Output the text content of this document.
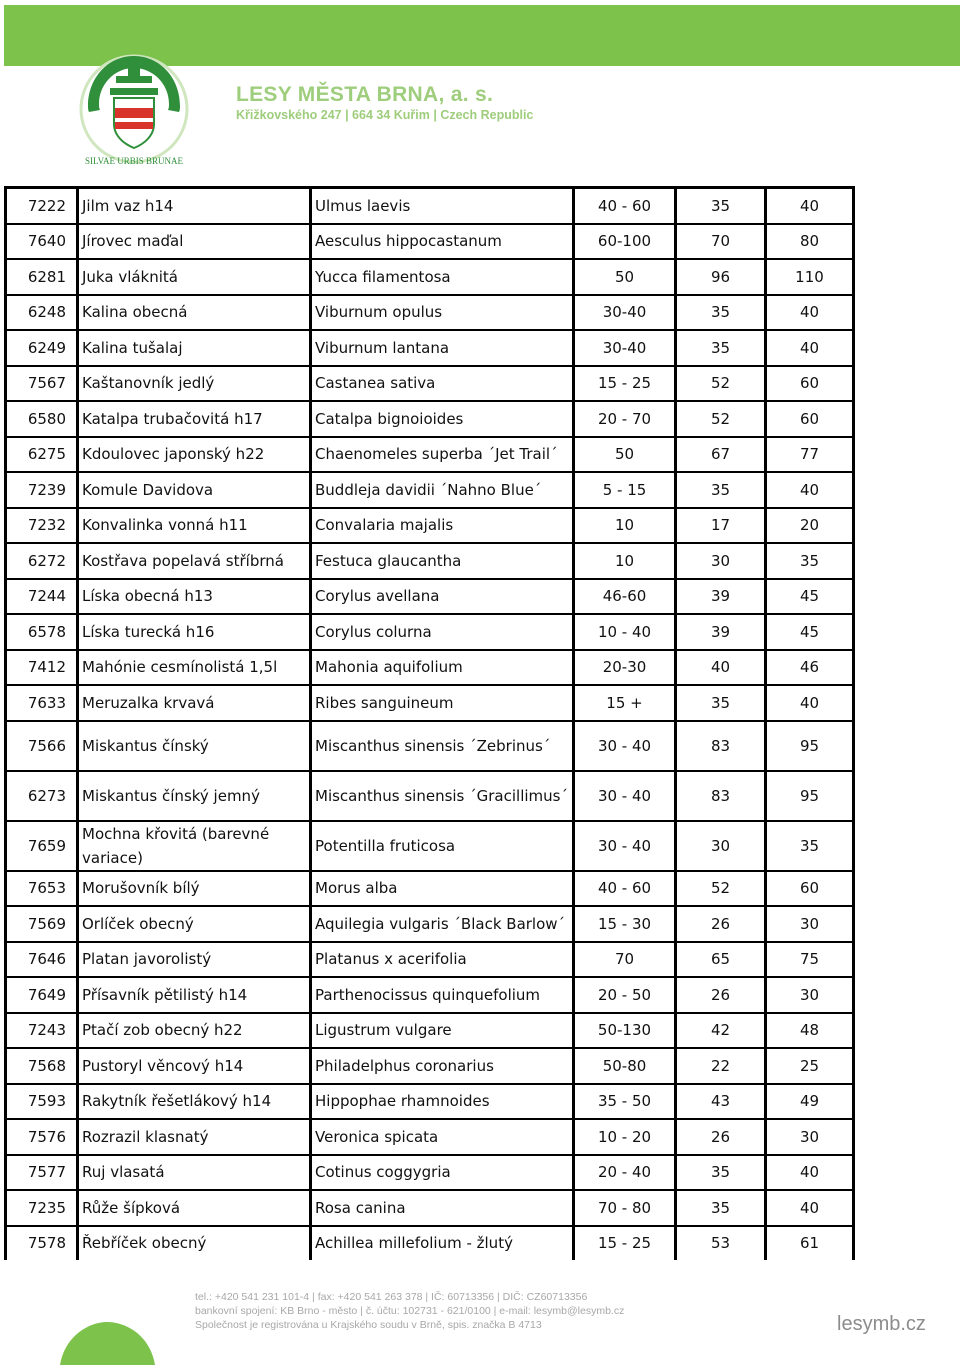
SILVAE URBIS BRUNAE
LESY MĚSTA BRNA, a. s.
Křižkovského 247 | 664 34 Kuřim | Czech Republic
7222	Jilm vaz h14	Ulmus laevis	40 - 60	35	40
7640	Jírovec maďal	Aesculus hippocastanum	60-100	70	80
6281	Juka vláknitá	Yucca filamentosa	50	96	110
6248	Kalina obecná	Viburnum opulus	30-40	35	40
6249	Kalina tušalaj	Viburnum lantana	30-40	35	40
7567	Kaštanovník jedlý	Castanea sativa	15 - 25	52	60
6580	Katalpa trubačovitá h17	Catalpa bignoioides	20 - 70	52	60
6275	Kdoulovec japonský h22	Chaenomeles superba ´Jet Trail´	50	67	77
7239	Komule Davidova	Buddleja davidii ´Nahno Blue´	5 - 15	35	40
7232	Konvalinka vonná h11	Convalaria majalis	10	17	20
6272	Kostřava popelavá stříbrná	Festuca glaucantha	10	30	35
7244	Líska obecná h13	Corylus avellana	46-60	39	45
6578	Líska turecká h16	Corylus colurna	10 - 40	39	45
7412	Mahónie cesmínolistá 1,5l	Mahonia aquifolium	20-30	40	46
7633	Meruzalka krvavá	Ribes sanguineum	15 +	35	40
7566	Miskantus čínský	Miscanthus sinensis ´Zebrinus´	30 - 40	83	95
6273	Miskantus čínský jemný	Miscanthus sinensis ´Gracillimus´	30 - 40	83	95
7659	Mochna křovitá (barevné variace)	Potentilla fruticosa	30 - 40	30	35
7653	Morušovník bílý	Morus alba	40 - 60	52	60
7569	Orlíček obecný	Aquilegia vulgaris ´Black Barlow´	15 - 30	26	30
7646	Platan javorolistý	Platanus x acerifolia	70	65	75
7649	Přísavník pětilistý h14	Parthenocissus quinquefolium	20 - 50	26	30
7243	Ptačí zob obecný h22	Ligustrum vulgare	50-130	42	48
7568	Pustoryl věncový h14	Philadelphus coronarius	50-80	22	25
7593	Rakytník řešetlákový h14	Hippophae rhamnoides	35 - 50	43	49
7576	Rozrazil klasnatý	Veronica spicata	10 - 20	26	30
7577	Ruj vlasatá	Cotinus coggygria	20 - 40	35	40
7235	Růže šípková	Rosa canina	70 - 80	35	40
7578	Řebříček obecný	Achillea millefolium - žlutý	15 - 25	53	61
tel.: +420 541 231 101-4 | fax: +420 541 263 378 | IČ: 60713356 | DIČ: CZ60713356
bankovní spojení: KB Brno - město | č. účtu: 102731 - 621/0100 | e-mail: lesymb@lesymb.cz
Společnost je registrována u Krajského soudu v Brně, spis. značka B 4713	lesymb.cz
